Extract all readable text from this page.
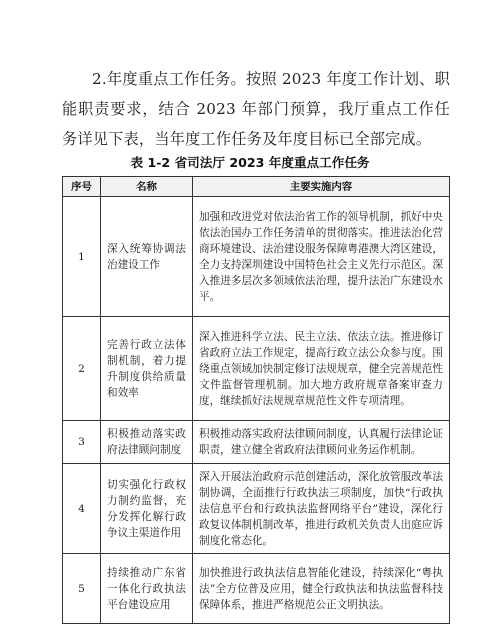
2.年度重点工作任务。按照 2023 年度工作计划、职能职责要求，结合 2023 年部门预算，我厅重点工作任务详见下表，当年度工作任务及年度目标已全部完成。
表 1-2 省司法厅 2023 年度重点工作任务
序号	名称	主要实施内容
1	深入统筹协调法治建设工作	加强和改进党对依法治省工作的领导机制，抓好中央依法治国办工作任务清单的贯彻落实。推进法治化营商环境建设、法治建设服务保障粤港澳大湾区建设，全力支持深圳建设中国特色社会主义先行示范区。深入推进多层次多领域依法治理，提升法治广东建设水平。
2	完善行政立法体制机制，着力提升制度供给质量和效率	深入推进科学立法、民主立法、依法立法。推进修订省政府立法工作规定，提高行政立法公众参与度。围绕重点领域加快制定修订法规规章，健全完善规范性文件监督管理机制。加大地方政府规章备案审查力度，继续抓好法规规章规范性文件专项清理。
3	积极推动落实政府法律顾问制度	积极推动落实政府法律顾问制度，认真履行法律论证职责，建立健全省政府法律顾问业务运作机制。
4	切实强化行政权力制约监督，充分发挥化解行政争议主渠道作用	深入开展法治政府示范创建活动，深化放管服改革法制协调，全面推行行政执法三项制度，加快“行政执法信息平台和行政执法监督网络平台”建设，深化行政复议体制机制改革，推进行政机关负责人出庭应诉制度化常态化。
5	持续推动广东省一体化行政执法平台建设应用	加快推进行政执法信息智能化建设，持续深化“粤执法”全方位普及应用，健全行政执法和执法监督科技保障体系，推进严格规范公正文明执法。
